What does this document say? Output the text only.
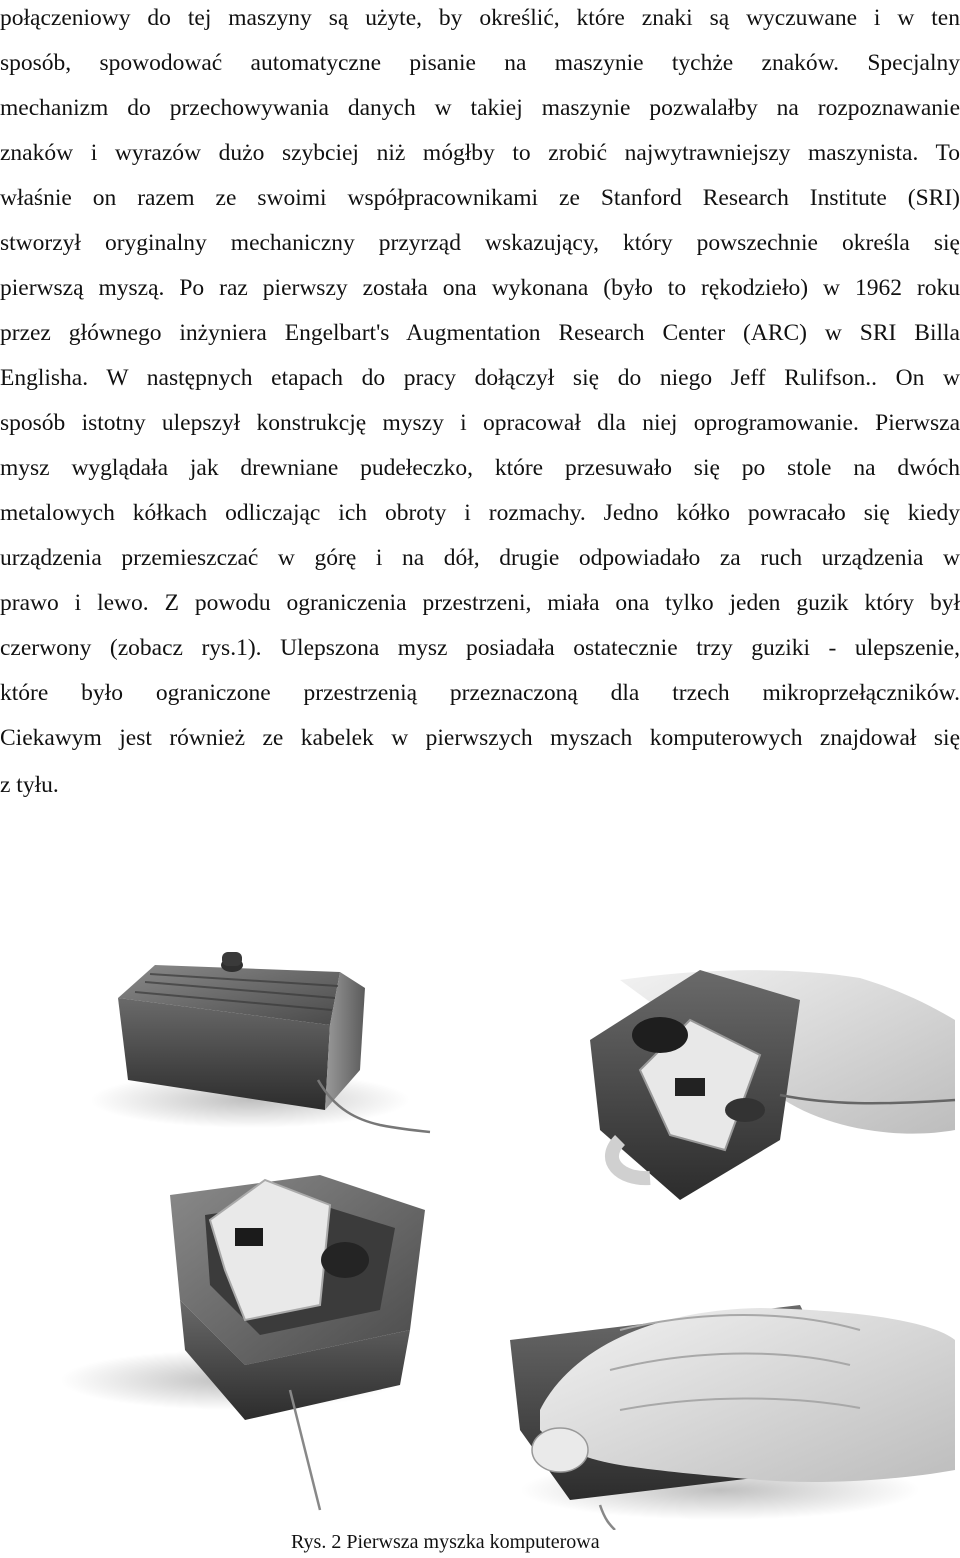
połączeniowy do tej maszyny są użyte, by określić, które znaki są wyczuwane i w ten
sposób, spowodować automatyczne pisanie na maszynie tychże znaków. Specjalny
mechanizm do przechowywania danych w takiej maszynie pozwalałby na rozpoznawanie
znaków i wyrazów dużo szybciej niż mógłby to zrobić najwytrawniejszy maszynista. To
właśnie on razem ze swoimi współpracownikami ze Stanford Research Institute (SRI)
stworzył oryginalny mechaniczny przyrząd wskazujący, który powszechnie określa się
pierwszą myszą. Po raz pierwszy została ona wykonana (było to rękodzieło) w 1962 roku
przez głównego inżyniera Engelbart's Augmentation Research Center (ARC) w SRI Billa
Englisha. W następnych etapach do pracy dołączył się do niego Jeff Rulifson.. On w
sposób istotny ulepszył konstrukcję myszy i opracował dla niej oprogramowanie. Pierwsza
mysz wyglądała jak drewniane pudełeczko, które przesuwało się po stole na dwóch
metalowych kółkach odliczając ich obroty i rozmachy. Jedno kółko powracało się kiedy
urządzenia przemieszczać w górę i na dół, drugie odpowiadało za ruch urządzenia w
prawo i lewo. Z powodu ograniczenia przestrzeni, miała ona tylko jeden guzik który był
czerwony (zobacz rys.1). Ulepszona mysz posiadała ostatecznie trzy guziki - ulepszenie,
które było ograniczone przestrzenią przeznaczoną dla trzech mikroprzełączników.
Ciekawym jest również ze kabelek w pierwszych myszach komputerowych znajdował się
z tyłu.
Rys. 2 Pierwsza myszka komputerowa
